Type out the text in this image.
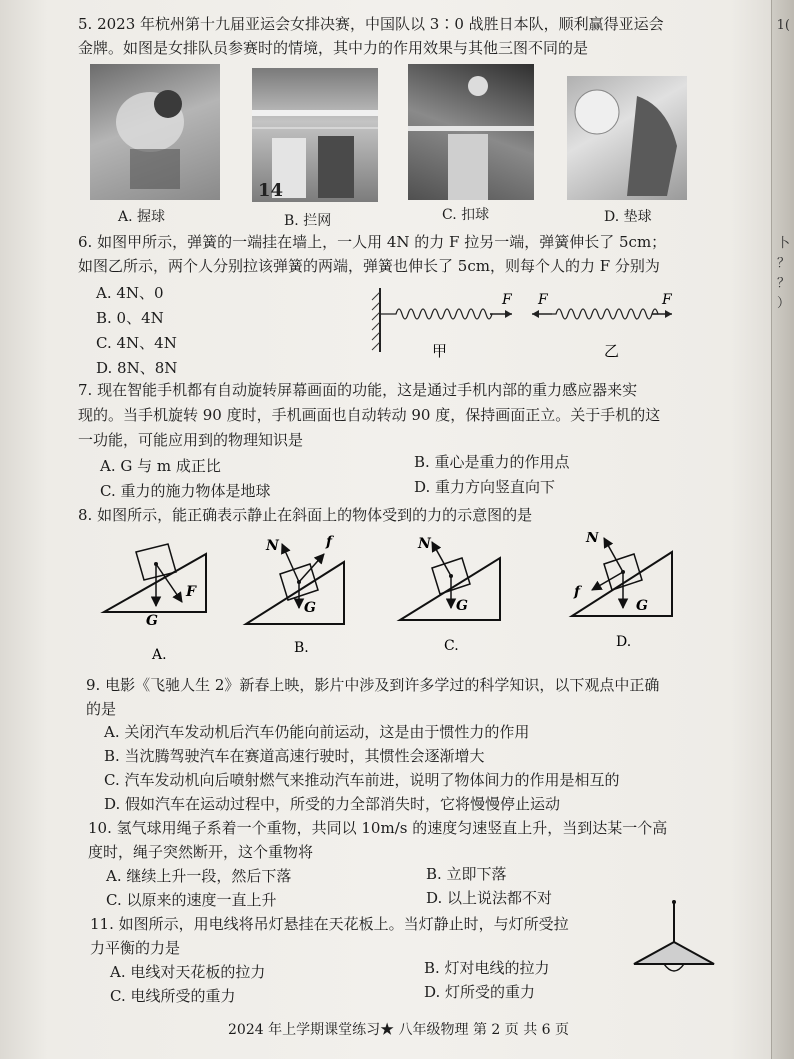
1(
卜
？
？
）
5. 2023 年杭州第十九届亚运会女排决赛，中国队以 3∶0 战胜日本队，顺利赢得亚运会
金牌。如图是女排队员参赛时的情境，其中力的作用效果与其他三图不同的是
14
A. 握球	B. 拦网	C. 扣球	D. 垫球
6. 如图甲所示，弹簧的一端挂在墙上，一人用 4N 的力 F 拉另一端，弹簧伸长了 5cm；
如图乙所示，两个人分别拉该弹簧的两端，弹簧也伸长了 5cm，则每个人的力 F 分别为
A. 4N、0
B. 0、4N
C. 4N、4N
D. 8N、8N
F F	F
甲	乙
7. 现在智能手机都有自动旋转屏幕画面的功能，这是通过手机内部的重力感应器来实
现的。当手机旋转 90 度时，手机画面也自动转动 90 度，保持画面正立。关于手机的这
一功能，可能应用到的物理知识是
A. G 与 m 成正比	B. 重心是重力的作用点
C. 重力的施力物体是地球	D. 重力方向竖直向下
8. 如图所示，能正确表示静止在斜面上的物体受到的力的示意图的是
F
G
A.
N	f
G
B.
N
G
C.
N
f
G
D.
9. 电影《飞驰人生 2》新春上映，影片中涉及到许多学过的科学知识，以下观点中正确
的是
A. 关闭汽车发动机后汽车仍能向前运动，这是由于惯性力的作用
B. 当沈腾驾驶汽车在赛道高速行驶时，其惯性会逐渐增大
C. 汽车发动机向后喷射燃气来推动汽车前进，说明了物体间力的作用是相互的
D. 假如汽车在运动过程中，所受的力全部消失时，它将慢慢停止运动
10. 氢气球用绳子系着一个重物，共同以 10m/s 的速度匀速竖直上升，当到达某一个高
度时，绳子突然断开，这个重物将
A. 继续上升一段，然后下落	B. 立即下落
C. 以原来的速度一直上升	D. 以上说法都不对
11. 如图所示，用电线将吊灯悬挂在天花板上。当灯静止时，与灯所受拉
力平衡的力是
A. 电线对天花板的拉力	B. 灯对电线的拉力
C. 电线所受的重力	D. 灯所受的重力
2024 年上学期课堂练习★ 八年级物理 第 2 页 共 6 页
